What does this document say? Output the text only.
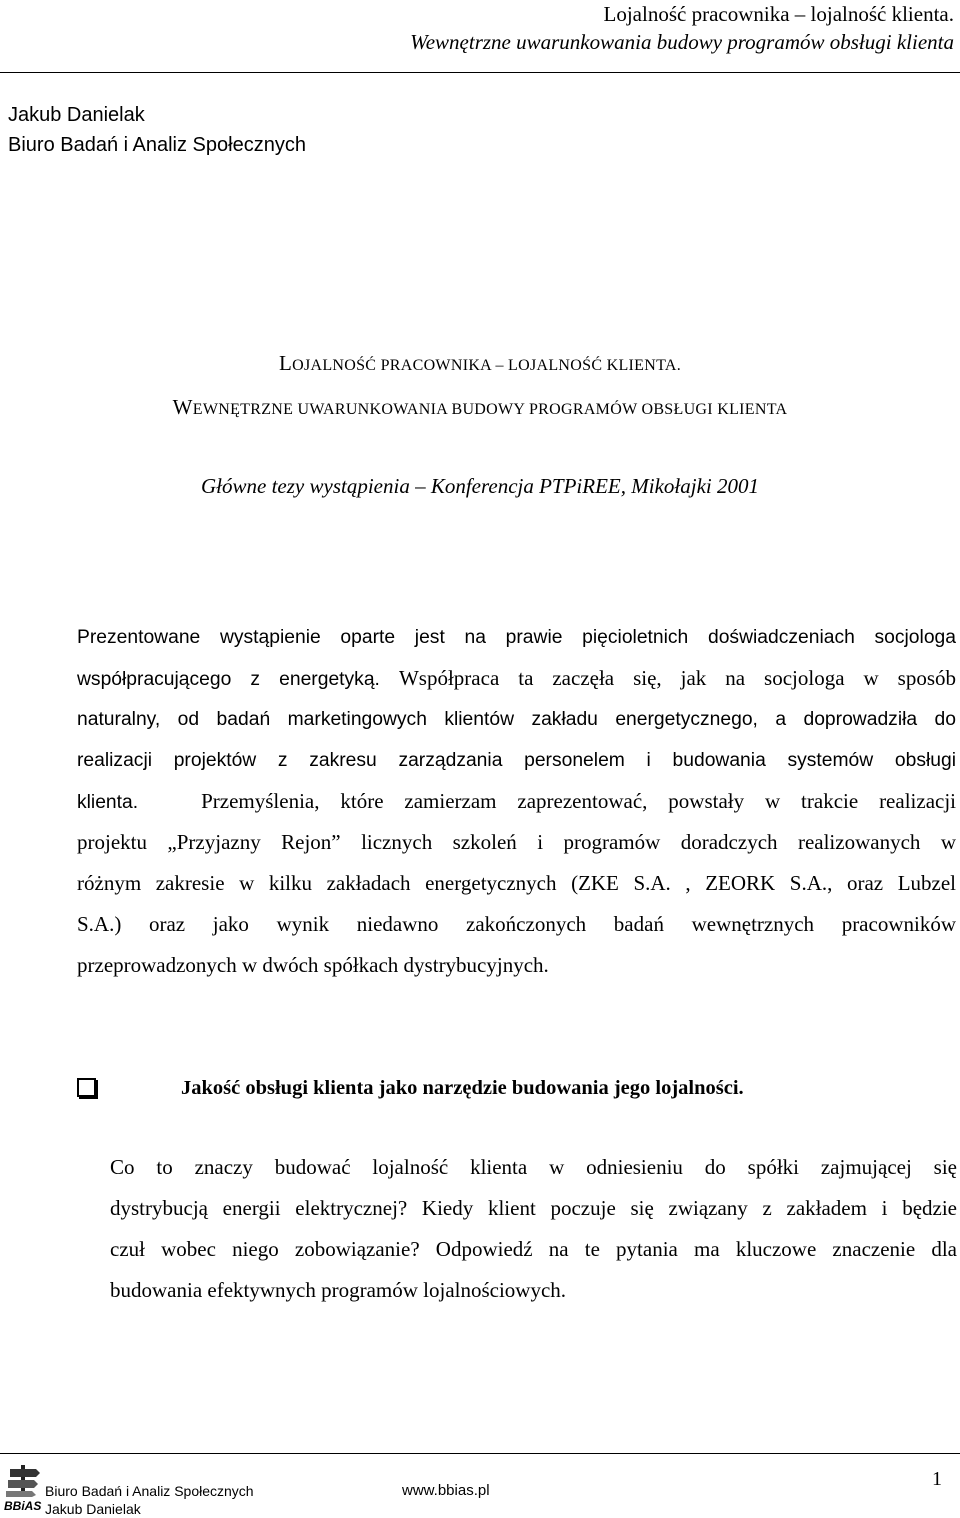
Lojalność pracownika – lojalność klienta.
Wewnętrzne uwarunkowania budowy programów obsługi klienta
Jakub Danielak
Biuro Badań i Analiz Społecznych
LOJALNOŚĆ PRACOWNIKA – LOJALNOŚĆ KLIENTA.
WEWNĘTRZNE UWARUNKOWANIA BUDOWY PROGRAMÓW OBSŁUGI KLIENTA
Główne tezy wystąpienia – Konferencja PTPiREE, Mikołajki 2001
Prezentowane wystąpienie oparte jest na prawie pięcioletnich doświadczeniach socjologa
współpracującego z energetyką. Współpraca ta zaczęła się, jak na socjologa w sposób
naturalny, od badań marketingowych klientów zakładu energetycznego, a doprowadziła do
realizacji projektów z zakresu zarządzania personelem i budowania systemów obsługi
klienta.	Przemyślenia, które zamierzam zaprezentować, powstały w trakcie realizacji
projektu „Przyjazny Rejon” licznych szkoleń i programów doradczych realizowanych w
różnym zakresie w kilku zakładach energetycznych (ZKE S.A. , ZEORK S.A., oraz Lubzel
S.A.) oraz jako wynik niedawno zakończonych badań wewnętrznych pracowników
przeprowadzonych w dwóch spółkach dystrybucyjnych.
Jakość obsługi klienta jako narzędzie budowania jego lojalności.
Co to znaczy budować lojalność klienta w odniesieniu do spółki zajmującej się
dystrybucją energii elektrycznej? Kiedy klient poczuje się związany z zakładem i będzie
czuł wobec niego zobowiązanie? Odpowiedź na te pytania ma kluczowe znaczenie dla
budowania efektywnych programów lojalnościowych.
BBiAS
Biuro Badań i Analiz Społecznych
Jakub Danielak
www.bbias.pl
1
